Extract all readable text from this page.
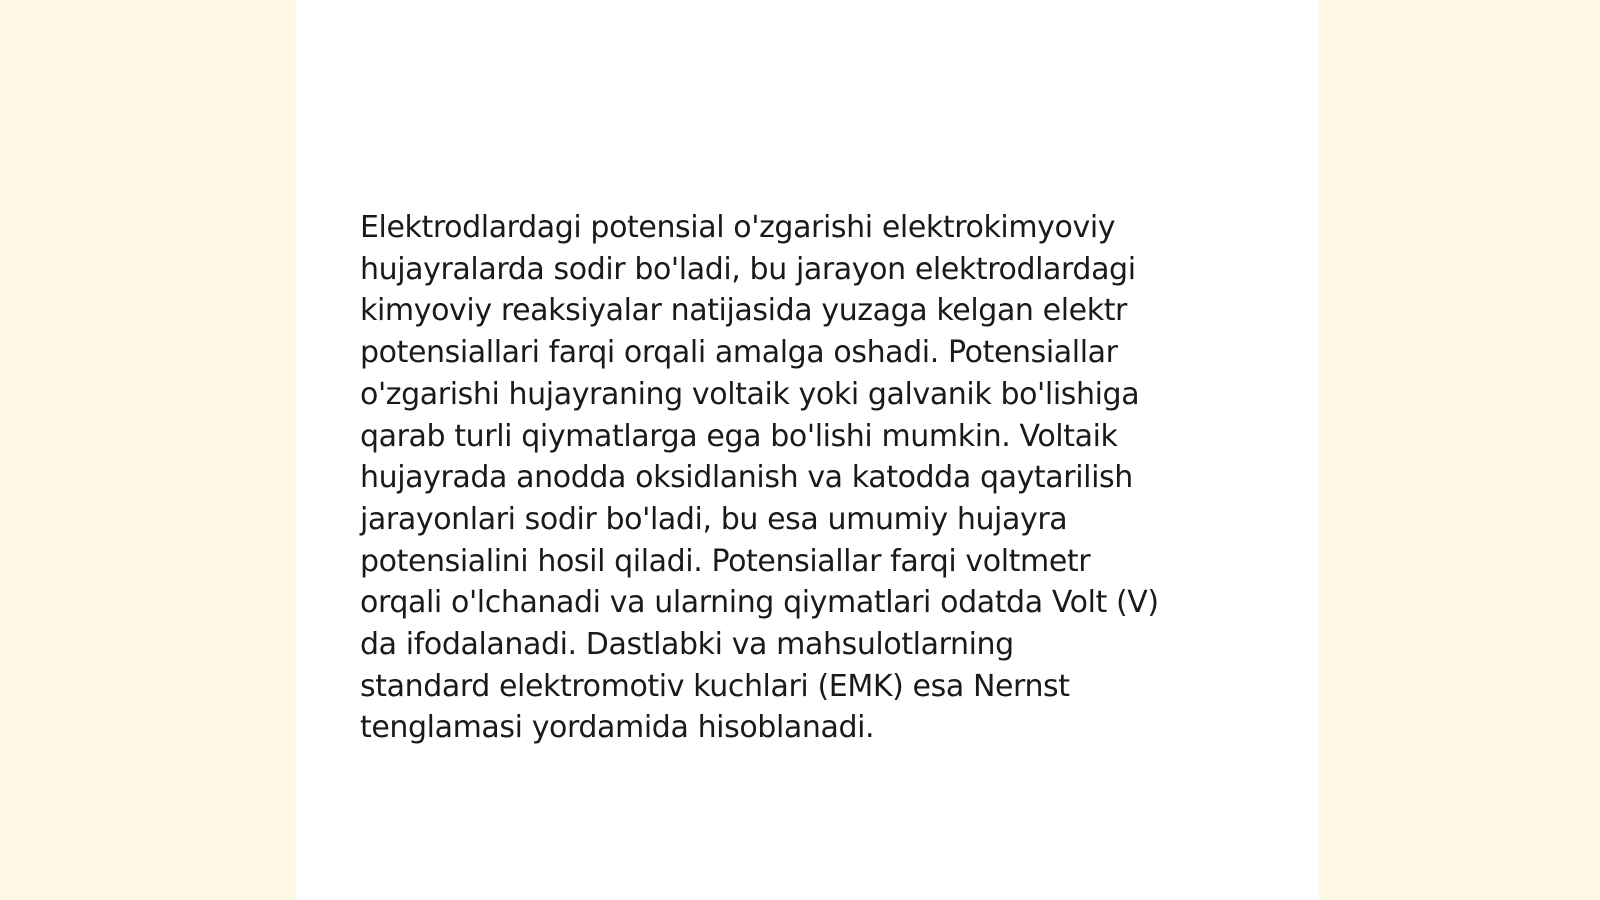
Elektrodlardagi potensial o'zgarishi elektrokimyoviy
hujayralarda sodir bo'ladi, bu jarayon elektrodlardagi
kimyoviy reaksiyalar natijasida yuzaga kelgan elektr
potensiallari farqi orqali amalga oshadi. Potensiallar
o'zgarishi hujayraning voltaik yoki galvanik bo'lishiga
qarab turli qiymatlarga ega bo'lishi mumkin. Voltaik
hujayrada anodda oksidlanish va katodda qaytarilish
jarayonlari sodir bo'ladi, bu esa umumiy hujayra
potensialini hosil qiladi. Potensiallar farqi voltmetr
orqali o'lchanadi va ularning qiymatlari odatda Volt (V)
da ifodalanadi. Dastlabki va mahsulotlarning
standard elektromotiv kuchlari (EMK) esa Nernst
tenglamasi yordamida hisoblanadi.
